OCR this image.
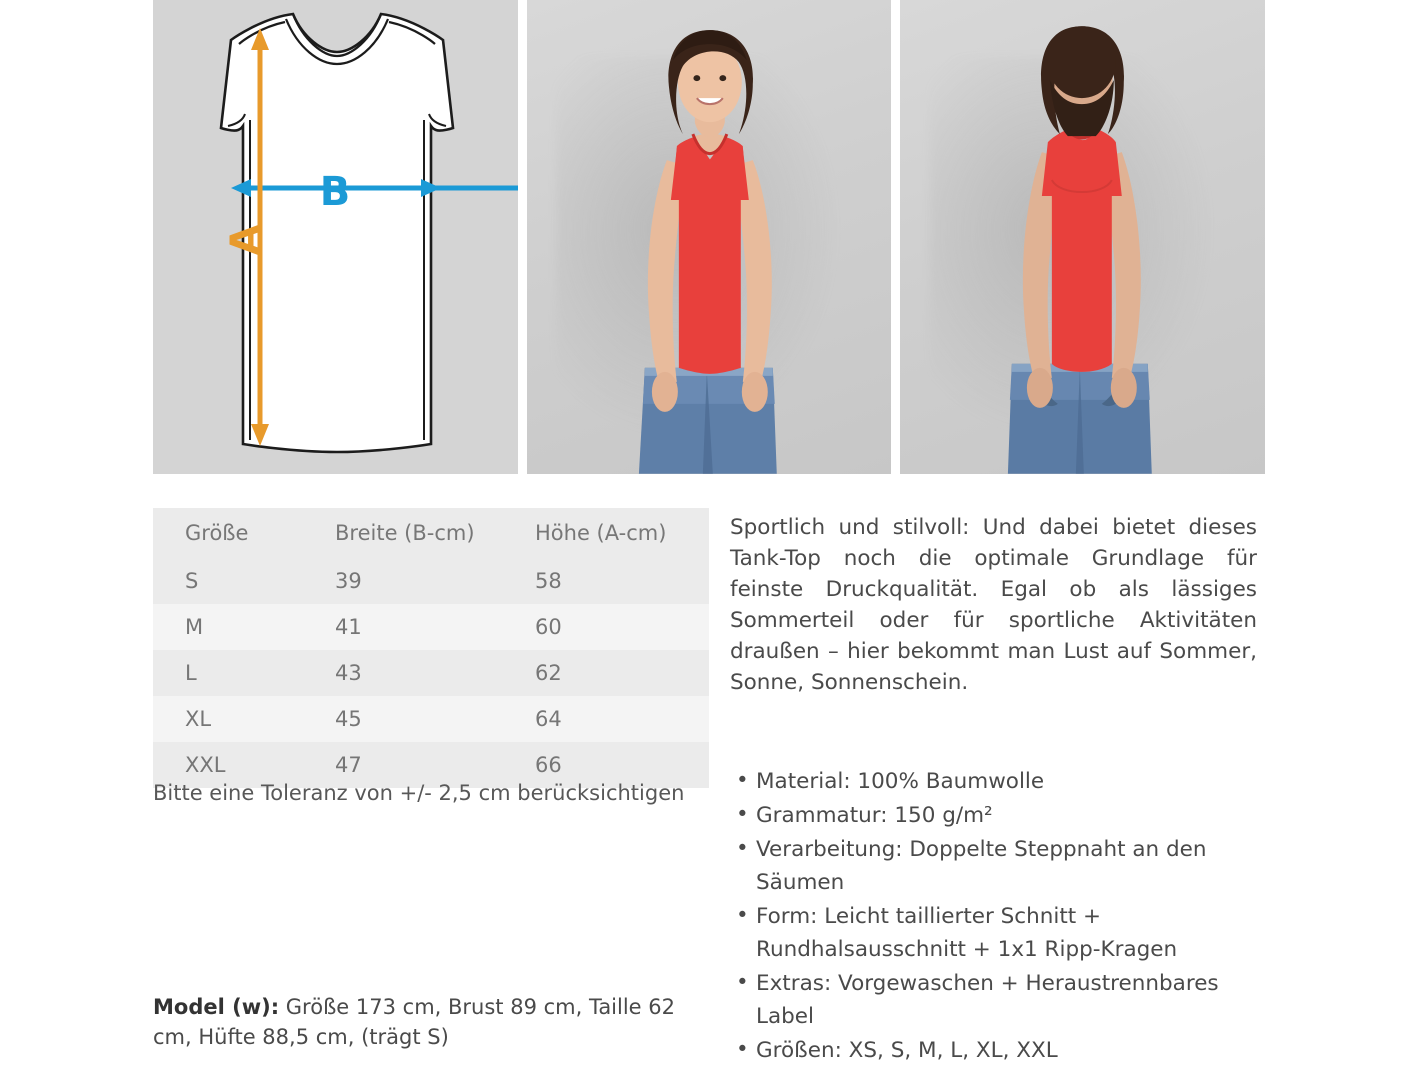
B
A
Größe	Breite (B-cm)	Höhe (A-cm)
S	39	58
M	41	60
L	43	62
XL	45	64
XXL	47	66
Bitte eine Toleranz von +/- 2,5 cm berücksichtigen
Model (w): Größe 173 cm, Brust 89 cm, Taille 62 cm, Hüfte 88,5 cm, (trägt S)
Sportlich und stilvoll: Und dabei bietet dieses Tank-Top noch die optimale Grundlage für feinste Druckqualität. Egal ob als lässiges Sommerteil oder für sportliche Aktivitäten draußen – hier bekommt man Lust auf Sommer, Sonne, Sonnenschein.
• Material: 100% Baumwolle
• Grammatur: 150 g/m²
• Verarbeitung: Doppelte Steppnaht an den Säumen
• Form: Leicht taillierter Schnitt + Rundhalsausschnitt + 1x1 Ripp-Kragen
• Extras: Vorgewaschen + Heraustrennbares Label
• Größen: XS, S, M, L, XL, XXL
